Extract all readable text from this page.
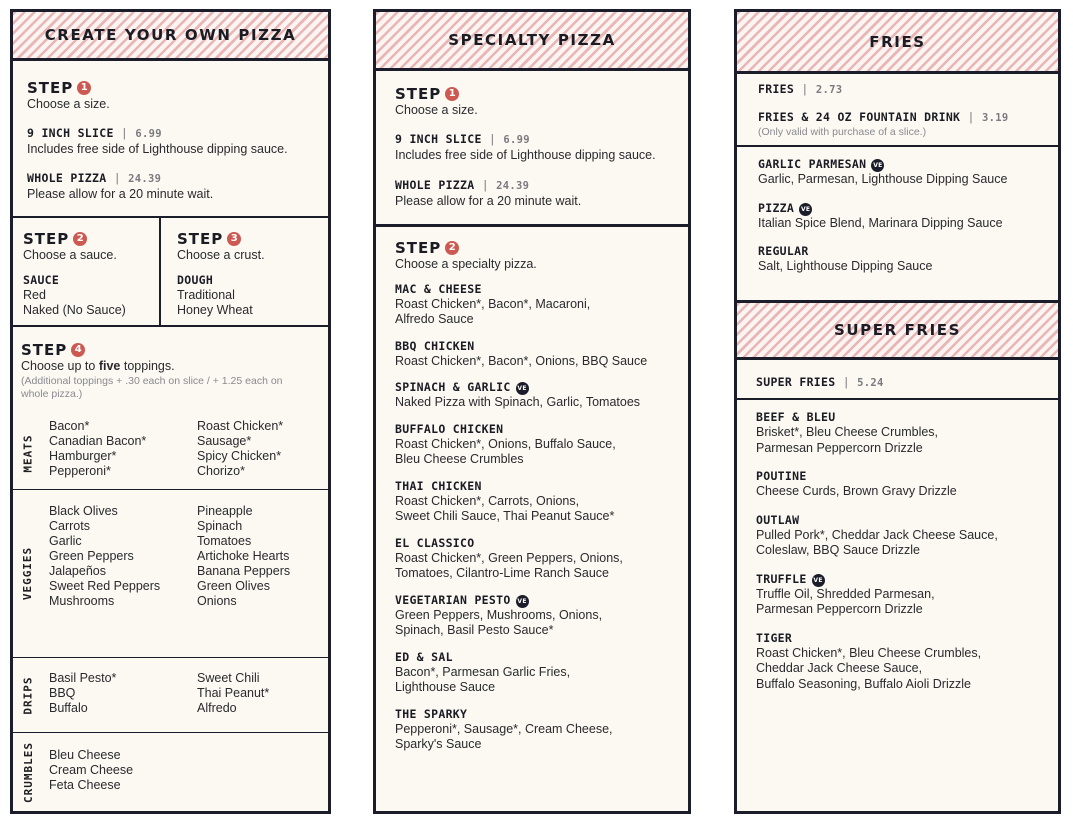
CREATE YOUR OWN PIZZA
STEP 1
Choose a size.
9 INCH SLICE | 6.99
Includes free side of Lighthouse dipping sauce.
WHOLE PIZZA | 24.39
Please allow for a 20 minute wait.
STEP 2
Choose a sauce.
SAUCE
Red
Naked (No Sauce)
STEP 3
Choose a crust.
DOUGH
Traditional
Honey Wheat
STEP 4
Choose up to five toppings.
(Additional toppings + .30 each on slice / + 1.25 each on whole pizza.)
MEATS
Bacon*	Roast Chicken*
Canadian Bacon*	Sausage*
Hamburger*	Spicy Chicken*
Pepperoni*	Chorizo*
VEGGIES
Black Olives	Pineapple
Carrots	Spinach
Garlic	Tomatoes
Green Peppers	Artichoke Hearts
Jalapeños	Banana Peppers
Sweet Red Peppers	Green Olives
Mushrooms	Onions
DRIPS Basil Pesto*	Sweet Chili
BBQ	Thai Peanut*
Buffalo	Alfredo
CRUMBLES Bleu Cheese
Cream Cheese
Feta Cheese
SPECIALTY PIZZA
STEP 1
Choose a size.
9 INCH SLICE | 6.99
Includes free side of Lighthouse dipping sauce.
WHOLE PIZZA | 24.39
Please allow for a 20 minute wait.
STEP 2
Choose a specialty pizza.
MAC & CHEESE
Roast Chicken*, Bacon*, Macaroni,
Alfredo Sauce
BBQ CHICKEN
Roast Chicken*, Bacon*, Onions, BBQ Sauce
SPINACH & GARLIC VE
Naked Pizza with Spinach, Garlic, Tomatoes
BUFFALO CHICKEN
Roast Chicken*, Onions, Buffalo Sauce,
Bleu Cheese Crumbles
THAI CHICKEN
Roast Chicken*, Carrots, Onions,
Sweet Chili Sauce, Thai Peanut Sauce*
EL CLASSICO
Roast Chicken*, Green Peppers, Onions,
Tomatoes, Cilantro-Lime Ranch Sauce
VEGETARIAN PESTO VE
Green Peppers, Mushrooms, Onions,
Spinach, Basil Pesto Sauce*
ED & SAL
Bacon*, Parmesan Garlic Fries,
Lighthouse Sauce
THE SPARKY
Pepperoni*, Sausage*, Cream Cheese,
Sparky's Sauce
FRIES
FRIES | 2.73
FRIES & 24 OZ FOUNTAIN DRINK | 3.19
(Only valid with purchase of a slice.)
GARLIC PARMESAN VE
Garlic, Parmesan, Lighthouse Dipping Sauce
PIZZA VE
Italian Spice Blend, Marinara Dipping Sauce
REGULAR
Salt, Lighthouse Dipping Sauce
SUPER FRIES
SUPER FRIES | 5.24
BEEF & BLEU
Brisket*, Bleu Cheese Crumbles,
Parmesan Peppercorn Drizzle
POUTINE
Cheese Curds, Brown Gravy Drizzle
OUTLAW
Pulled Pork*, Cheddar Jack Cheese Sauce,
Coleslaw, BBQ Sauce Drizzle
TRUFFLE VE
Truffle Oil, Shredded Parmesan,
Parmesan Peppercorn Drizzle
TIGER
Roast Chicken*, Bleu Cheese Crumbles,
Cheddar Jack Cheese Sauce,
Buffalo Seasoning, Buffalo Aioli Drizzle
